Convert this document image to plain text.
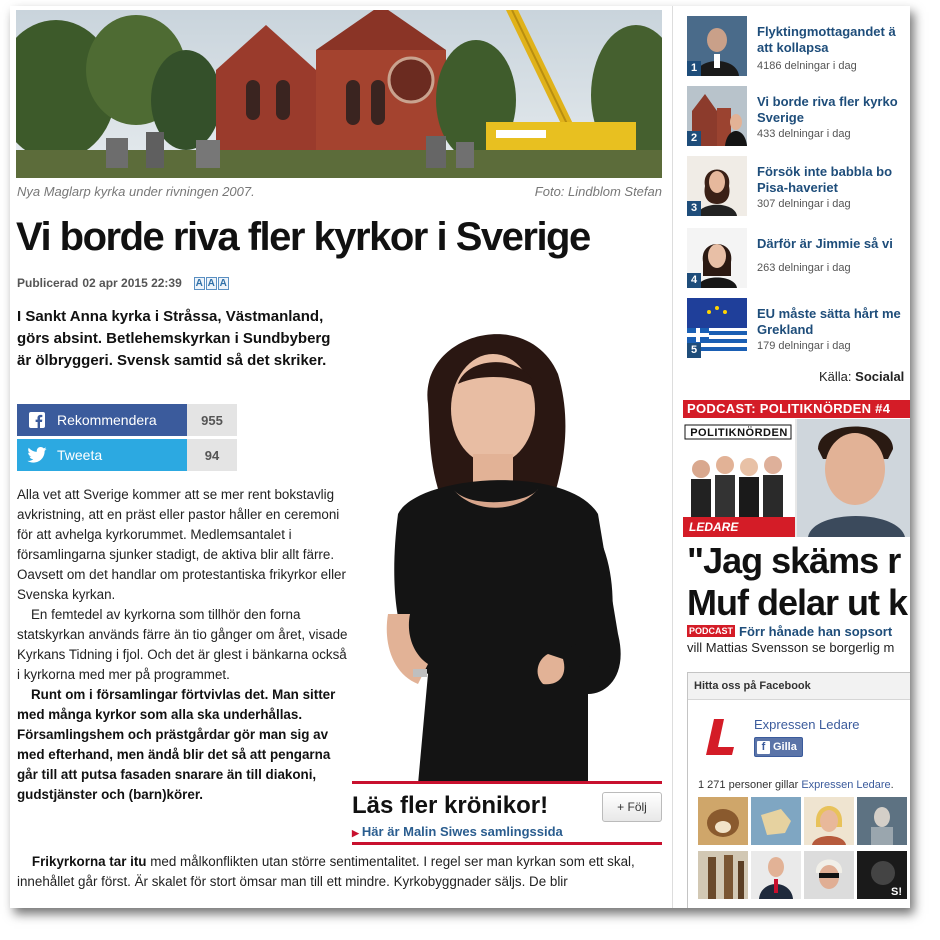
Nya Maglarp kyrka under rivningen 2007.	Foto: Lindblom Stefan
Vi borde riva fler kyrkor i Sverige
Publicerad 02 apr 2015 22:39 A A A

I Sankt Anna kyrka i Stråssa, Västmanland, görs absint. Betlehemskyrkan i Sundbyberg är ölbryggeri. Svensk samtid så det skriker.

Rekommendera	955
Tweeta	94

Alla vet att Sverige kommer att se mer rent bokstavlig avkristning, att en präst eller pastor håller en ceremoni för att avhelga kyrkorummet. Medlemsantalet i församlingarna sjunker stadigt, de aktiva blir allt färre. Oavsett om det handlar om protestantiska frikyrkor eller Svenska kyrkan.

En femtedel av kyrkorna som tillhör den forna statskyrkan används färre än tio gånger om året, visade Kyrkans Tidning i fjol. Och det är glest i bänkarna också i kyrkorna med mer på programmet.

Runt om i församlingar förtvivlas det. Man sitter med många kyrkor som alla ska underhållas. Församlingshem och prästgårdar gör man sig av med efterhand, men ändå blir det så att pengarna går till att putsa fasaden snarare än till diakoni, gudstjänster och (barn)körer.

Frikyrkorna tar itu med målkonflikten utan större sentimentalitet. I regel ser man kyrkan som ett skal, innehållet går först. Är skalet för stort ömsar man till ett mindre. Kyrkobyggnader säljs. De blir

Läs fler krönikor!	+ Följ
▶ Här är Malin Siwes samlingssida
1
Flyktingmottagandet ä
att kollapsa
4186 delningar i dag
2
Vi borde riva fler kyrko
Sverige
433 delningar i dag
3
Försök inte babbla bo
Pisa-haveriet
307 delningar i dag
4
Därför är Jimmie så vi
263 delningar i dag
5
EU måste sätta hårt me
Grekland
179 delningar i dag
Källa: Socialal
PODCAST: POLITIKNÖRDEN #4
POLITIKNÖRDEN
LEDARE
"Jag skäms r
Muf delar ut k
PODCAST Förr hånade han sopsort
vill Mattias Svensson se borgerlig m
Hitta oss på Facebook
Expressen Ledare
f Gilla
1 271 personer gillar Expressen Ledare.
S!
